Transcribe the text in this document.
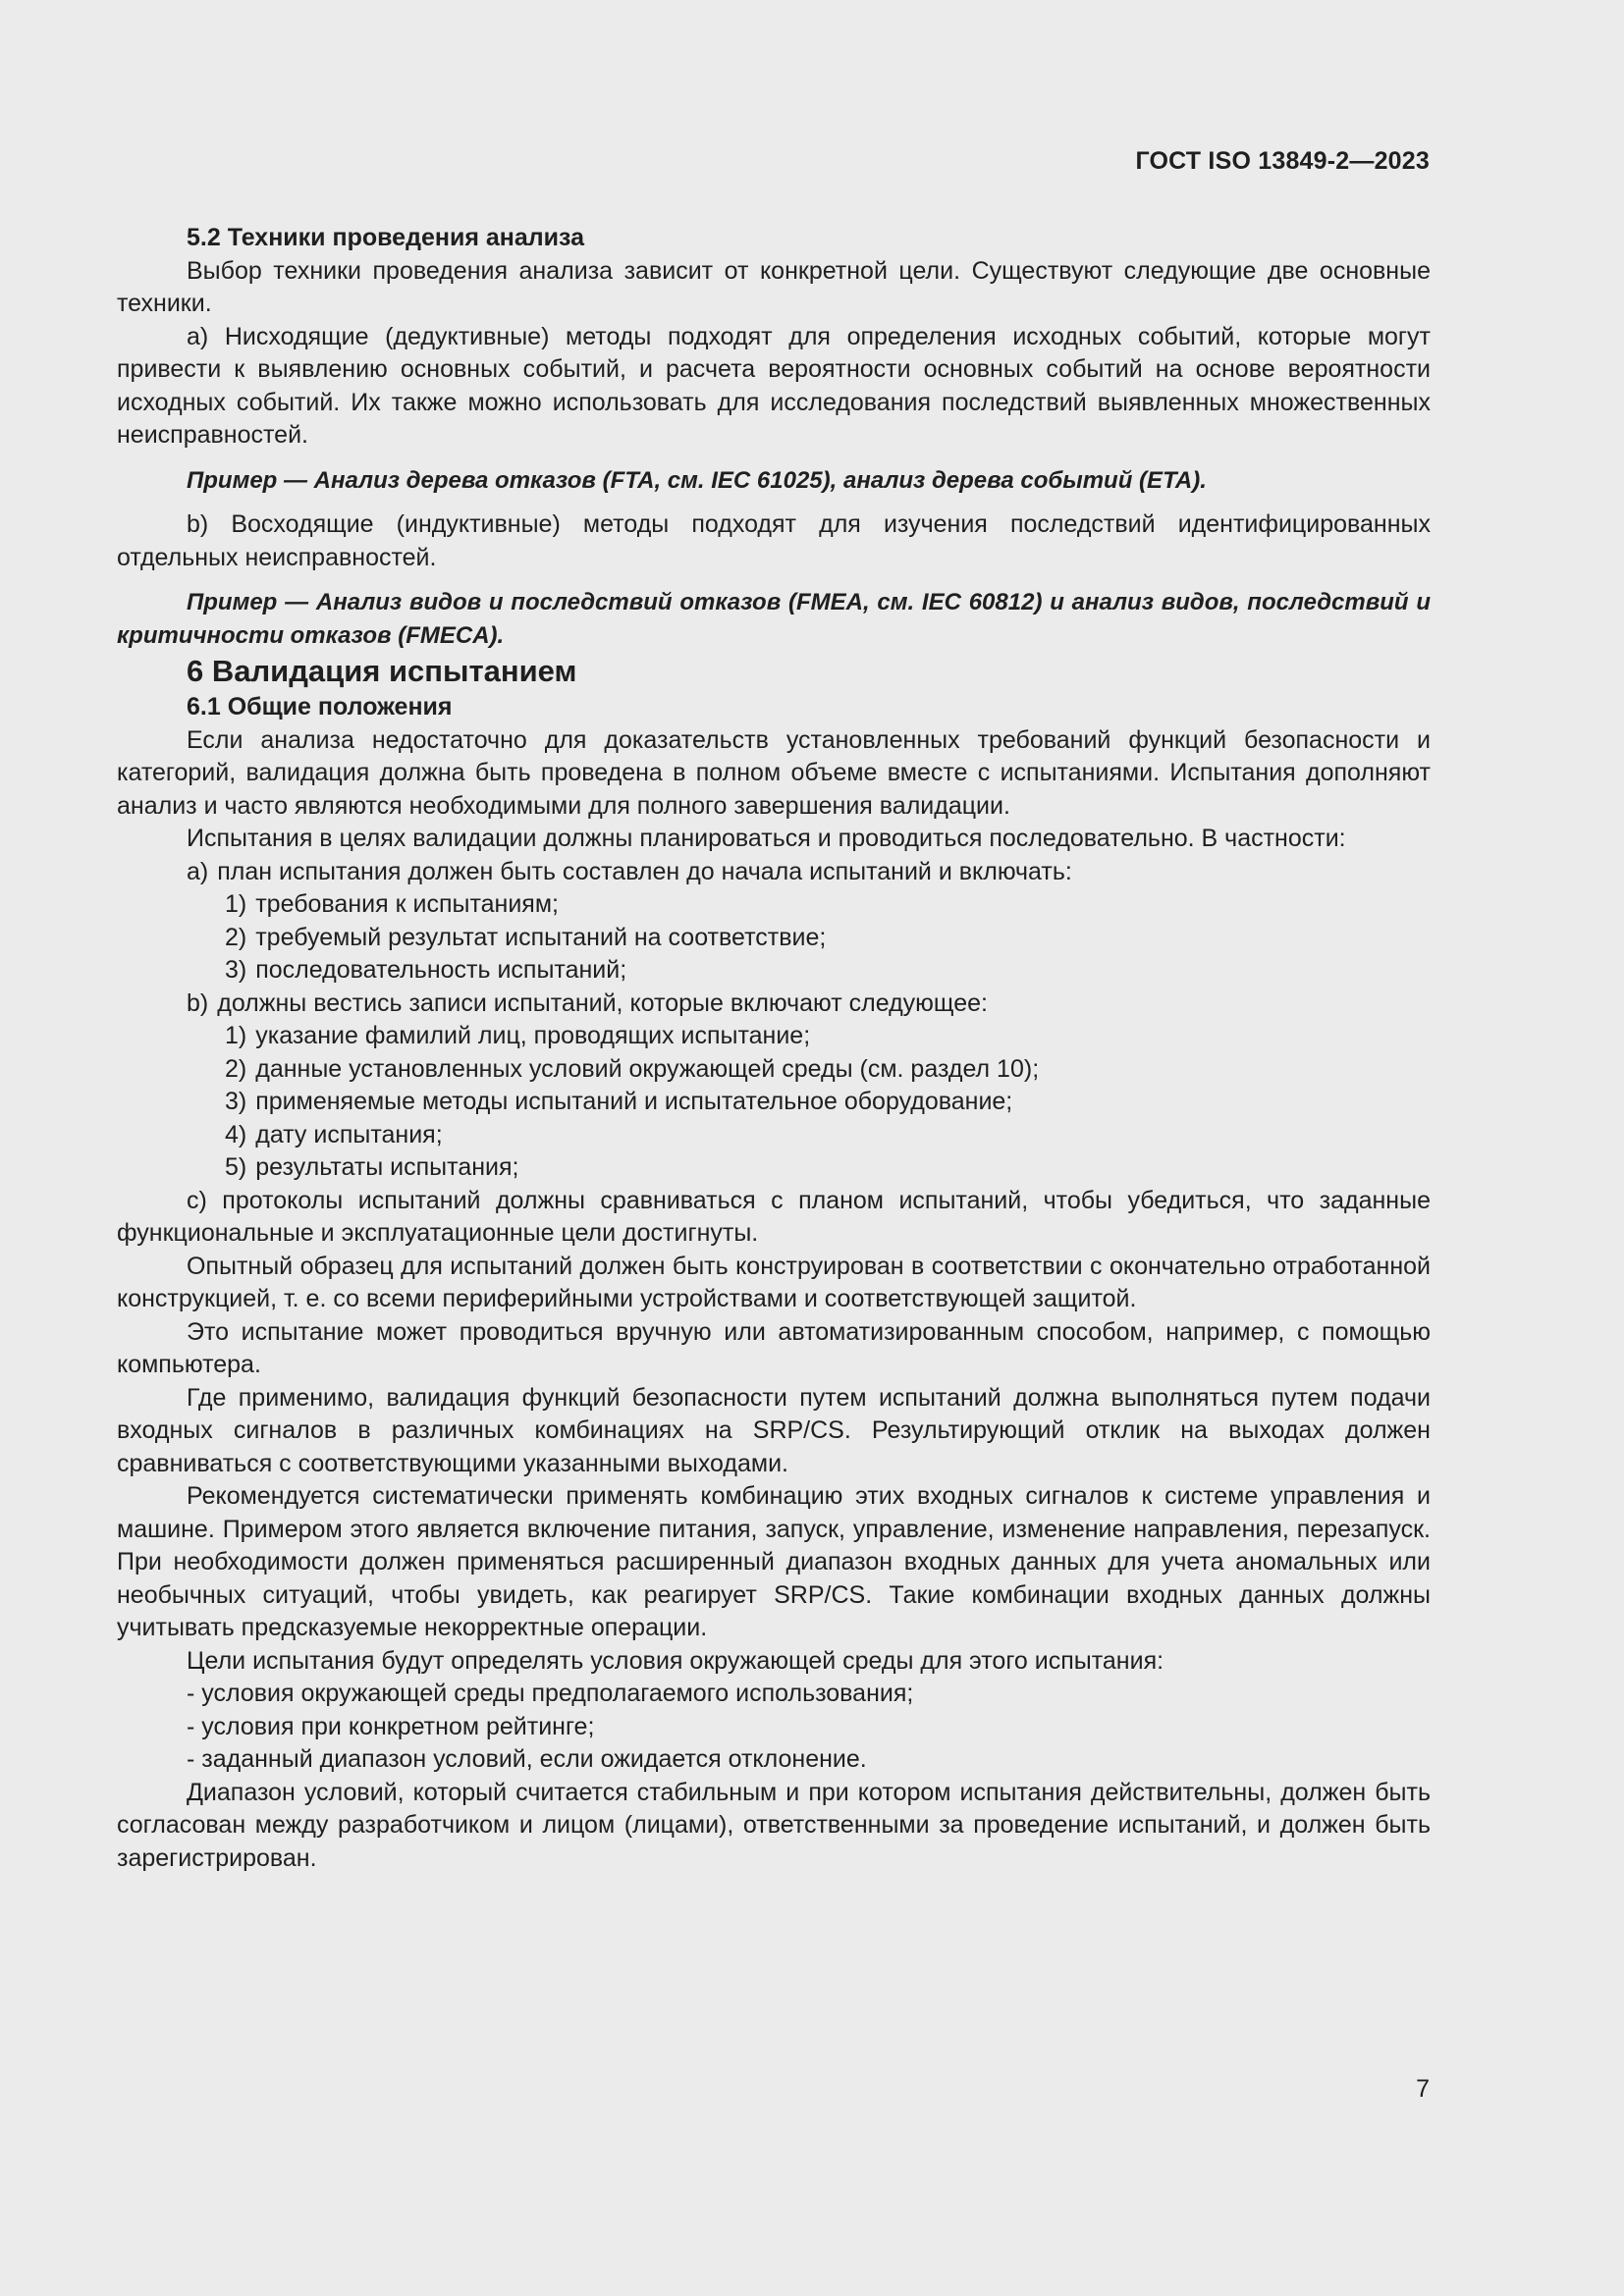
ГОСТ ISO 13849-2—2023

5.2 Техники проведения анализа

Выбор техники проведения анализа зависит от конкретной цели. Существуют следующие две основные техники.

а) Нисходящие (дедуктивные) методы подходят для определения исходных событий, которые могут привести к выявлению основных событий, и расчета вероятности основных событий на основе вероятности исходных событий. Их также можно использовать для исследования последствий выявленных множественных неисправностей.

Пример — Анализ дерева отказов (FTA, см. IEC 61025), анализ дерева событий (ETA).

b) Восходящие (индуктивные) методы подходят для изучения последствий идентифицированных отдельных неисправностей.

Пример — Анализ видов и последствий отказов (FMEA, см. IEC 60812) и анализ видов, последствий и критичности отказов (FMECA).

6 Валидация испытанием

6.1 Общие положения

Если анализа недостаточно для доказательств установленных требований функций безопасности и категорий, валидация должна быть проведена в полном объеме вместе с испытаниями. Испытания дополняют анализ и часто являются необходимыми для полного завершения валидации.

Испытания в целях валидации должны планироваться и проводиться последовательно. В частности:

a) план испытания должен быть составлен до начала испытаний и включать:

1) требования к испытаниям;

2) требуемый результат испытаний на соответствие;

3) последовательность испытаний;

b) должны вестись записи испытаний, которые включают следующее:

1) указание фамилий лиц, проводящих испытание;

2) данные установленных условий окружающей среды (см. раздел 10);

3) применяемые методы испытаний и испытательное оборудование;

4) дату испытания;

5) результаты испытания;

с) протоколы испытаний должны сравниваться с планом испытаний, чтобы убедиться, что заданные функциональные и эксплуатационные цели достигнуты.

Опытный образец для испытаний должен быть конструирован в соответствии с окончательно отработанной конструкцией, т. е. со всеми периферийными устройствами и соответствующей защитой.

Это испытание может проводиться вручную или автоматизированным способом, например, с помощью компьютера.

Где применимо, валидация функций безопасности путем испытаний должна выполняться путем подачи входных сигналов в различных комбинациях на SRP/CS. Результирующий отклик на выходах должен сравниваться с соответствующими указанными выходами.

Рекомендуется систематически применять комбинацию этих входных сигналов к системе управления и машине. Примером этого является включение питания, запуск, управление, изменение направления, перезапуск. При необходимости должен применяться расширенный диапазон входных данных для учета аномальных или необычных ситуаций, чтобы увидеть, как реагирует SRP/CS. Такие комбинации входных данных должны учитывать предсказуемые некорректные операции.

Цели испытания будут определять условия окружающей среды для этого испытания:

- условия окружающей среды предполагаемого использования;

- условия при конкретном рейтинге;

- заданный диапазон условий, если ожидается отклонение.

Диапазон условий, который считается стабильным и при котором испытания действительны, должен быть согласован между разработчиком и лицом (лицами), ответственными за проведение испытаний, и должен быть зарегистрирован.

7
